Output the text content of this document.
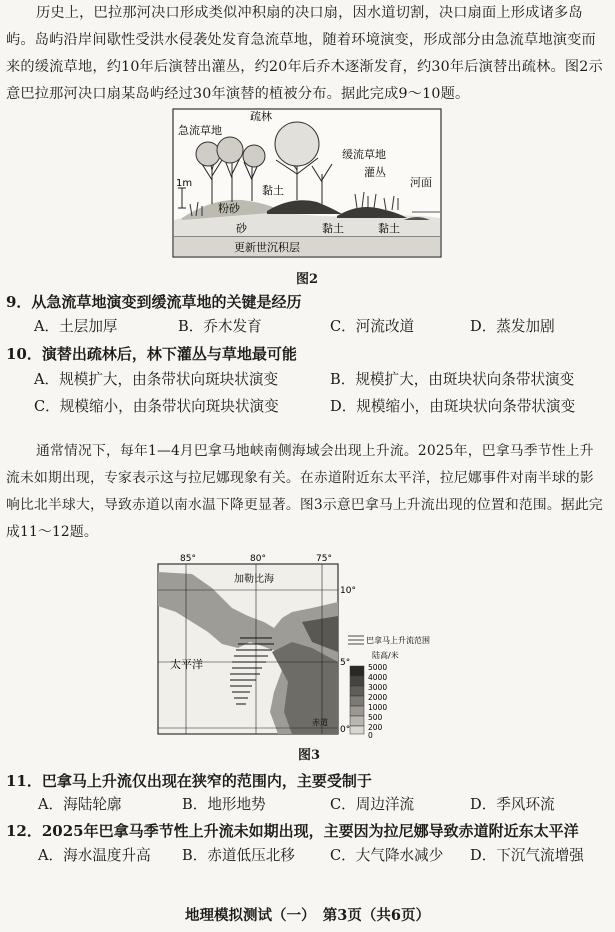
历史上，巴拉那河决口形成类似冲积扇的决口扇，因水道切割，决口扇面上形成诸多岛屿。岛屿沿岸间歇性受洪水侵袭处发育急流草地，随着环境演变，形成部分由急流草地演变而来的缓流草地，约10年后演替出灌丛，约20年后乔木逐渐发育，约30年后演替出疏林。图2示意巴拉那河决口扇某岛屿经过30年演替的植被分布。据此完成9～10题。
疏林
急流草地
缓流草地
灌丛
河面
1m
黏土
粉砂
砂	黏土	黏土
更新世沉积层
图2
9．从急流草地演变到缓流草地的关键是经历
A．土层加厚	B．乔木发育	C．河流改道	D．蒸发加剧
10．演替出疏林后，林下灌丛与草地最可能
A．规模扩大，由条带状向斑块状演变	B．规模扩大，由斑块状向条带状演变
C．规模缩小，由条带状向斑块状演变	D．规模缩小，由斑块状向条带状演变
通常情况下，每年1—4月巴拿马地峡南侧海域会出现上升流。2025年，巴拿马季节性上升流未如期出现，专家表示这与拉尼娜现象有关。在赤道附近东太平洋，拉尼娜事件对南半球的影响比北半球大，导致赤道以南水温下降更显著。图3示意巴拿马上升流出现的位置和范围。据此完成11～12题。
85°	80°	75°
10°
5°
0°
加勒比海
太平洋
赤道
巴拿马上升流范围
陆高/米
5000
4000
3000
2000
1000
500
200
0
图3
11．巴拿马上升流仅出现在狭窄的范围内，主要受制于
A．海陆轮廓	B．地形地势	C．周边洋流	D．季风环流
12．2025年巴拿马季节性上升流未如期出现，主要因为拉尼娜导致赤道附近东太平洋
A．海水温度升高 B．赤道低压北移 C．大气降水减少 D．下沉气流增强
地理模拟测试（一）　第3页（共6页）
